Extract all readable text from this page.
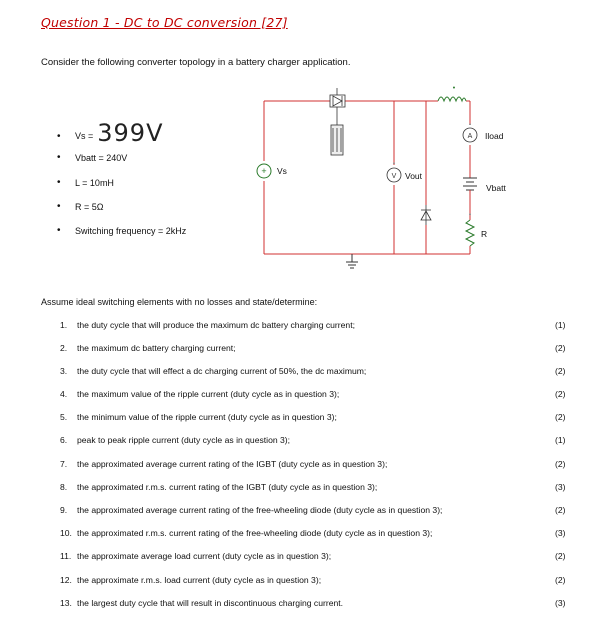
Question 1 - DC to DC conversion [27]
Consider the following converter topology in a battery charger application.
•	Vs = 399V
•	Vbatt = 240V
•	L = 10mH
•	R = 5Ω
•	Switching frequency = 2kHz
+ Vs
V
•
Vout
•
A
•
Iload
Vbatt
•
R
Assume ideal switching elements with no losses and state/determine:
1. the duty cycle that will produce the maximum dc battery charging current;	(1)
2. the maximum dc battery charging current;	(2)
3. the duty cycle that will effect a dc charging current of 50%, the dc maximum;	(2)
4. the maximum value of the ripple current (duty cycle as in question 3);	(2)
5. the minimum value of the ripple current (duty cycle as in question 3);	(2)
6. peak to peak ripple current (duty cycle as in question 3);	(1)
7. the approximated average current rating of the IGBT (duty cycle as in question 3);	(2)
8. the approximated r.m.s. current rating of the IGBT (duty cycle as in question 3);	(3)
9. the approximated average current rating of the free-wheeling diode (duty cycle as in question 3);	(2)
10. the approximated r.m.s. current rating of the free-wheeling diode (duty cycle as in question 3);	(3)
11. the approximate average load current (duty cycle as in question 3);	(2)
12. the approximate r.m.s. load current (duty cycle as in question 3);	(2)
13. the largest duty cycle that will result in discontinuous charging current.	(3)
